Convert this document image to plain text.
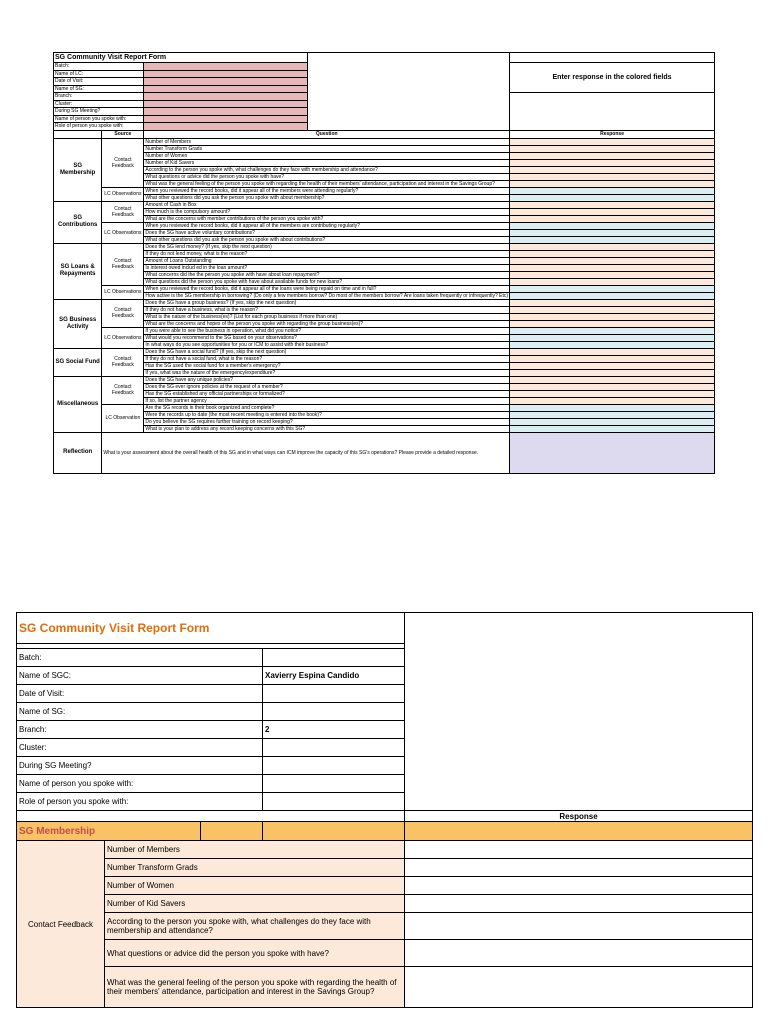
SG Community Visit Report Form				
Batch:				Enter response in the colored fields
Name of LC:				
Date of Visit:				
Name of SG:				
Branch:				
Cluster:				
During SG Meeting?				
Name of person you spoke with:				
Role of person you spoke with:				
	Source	Question		Response
SG Membership	Contact Feedback	Number of Members		
		Number Transform Grads		
		Number of Women		
		Number of Kid Savers		
		According to the person you spoke with, what challenges do they face with membership and attendance?		
		What questions or advice did the person you spoke with have?		
		What was the general feeling of the person you spoke with regarding the health of their members' attendance, participation and interest in the Savings Group?		
	LC Observations	When you reviewed the record books, did it appear all of the members were attending regularly?		
		What other questions did you ask the person you spoke with about membership?		
SG Contributions	Contact Feedback	Amount of Cash in Box		
		How much is the compulsory amount?		
		What are the concerns with member contributions of the person you spoke with?		
	LC Observations	When you reviewed the record books, did it appear all of the members are contributing regularly?		
		Does the SG have active voluntary contributions?		
		What other questions did you ask the person you spoke with about contributions?		
SG Loans & Repayments	Contact Feedback	Does the SG lend money? (If yes, skip the next question)		
		If they do not lend money, what is the reason?		
		Amount of Loans Outstanding		
		Is interest owed includ ed in the loan amount?		
		What concerns did the the person you spoke with have about loan repayment?		
		What questions did the person you spoke with have about available funds for new loans?		
	LC Observations	When you reviewed the record books, did it appear all of the loans were being repaid on time and in full?		
		How active is the SG membership in borrowing? (Do only a few members borrow? Do most of the members borrow? Are loans taken frequently or infrequently? Etc)		
SG Business Activity	Contact Feedback	Does the SG have a group business? (If yes, skip the next question)		
		If they do not have a business, what is the reason?		
		What is the nature of the business(es)? (List for each group business if more than one)		
		What are the concerns and hopes of the person you spoke with regarding the group business(es)?		
	LC Observations	If you were able to see the business in operation, what did you notice?		
		What would you recommend to the SG based on your observations?		
		In what ways do you see opportunities for you or ICM to assist with their business?		
SG Social Fund	Contact Feedback	Does the SG have a social fund? (If yes, skip the next question)		
		If they do not have a social fund, what is the reason?		
		Has the SG used the social fund for a member's emergency?		
		If yes, what was the nature of the emergency/expenditure?		
Miscellaneous	Contact Feedback	Does the SG have any unique policies?		
		Does the SG ever ignore policies at the request of a member?		
		Has the SG established any official partnerships or formalized?		
		If so, list the partner agency		
	LC Observation	Are the SG records in their book organized and complete?		
		Were the records up to date (the most recent meeting is entered into the book)?		
		Do you believe the SG requires further training on record keeping?		
		What is your plan to address any record keeping concerns with this SG?		
Reflection	What is your assessment about the overall health of this SG and in what ways can ICM improve the capacity of this SG's operations? Please provide a detailed response.			
SG Community Visit Report Form				

Batch:				
Name of SGC:			Xavierry Espina Candido	
Date of Visit:				
Name of SG:				
Branch:			2	
Cluster:				
During SG Meeting?				
Name of person you spoke with:				
Role of person you spoke with:				
				Response
SG Membership				
Contact Feedback	Number of Members			
	Number Transform Grads			
	Number of Women			
	Number of Kid Savers			
	According to the person you spoke with, what challenges do they face with membership and attendance?			
	What questions or advice did the person you spoke with have?			
	What was the general feeling of the person you spoke with regarding the health of their members' attendance, participation and interest in the Savings Group?			
